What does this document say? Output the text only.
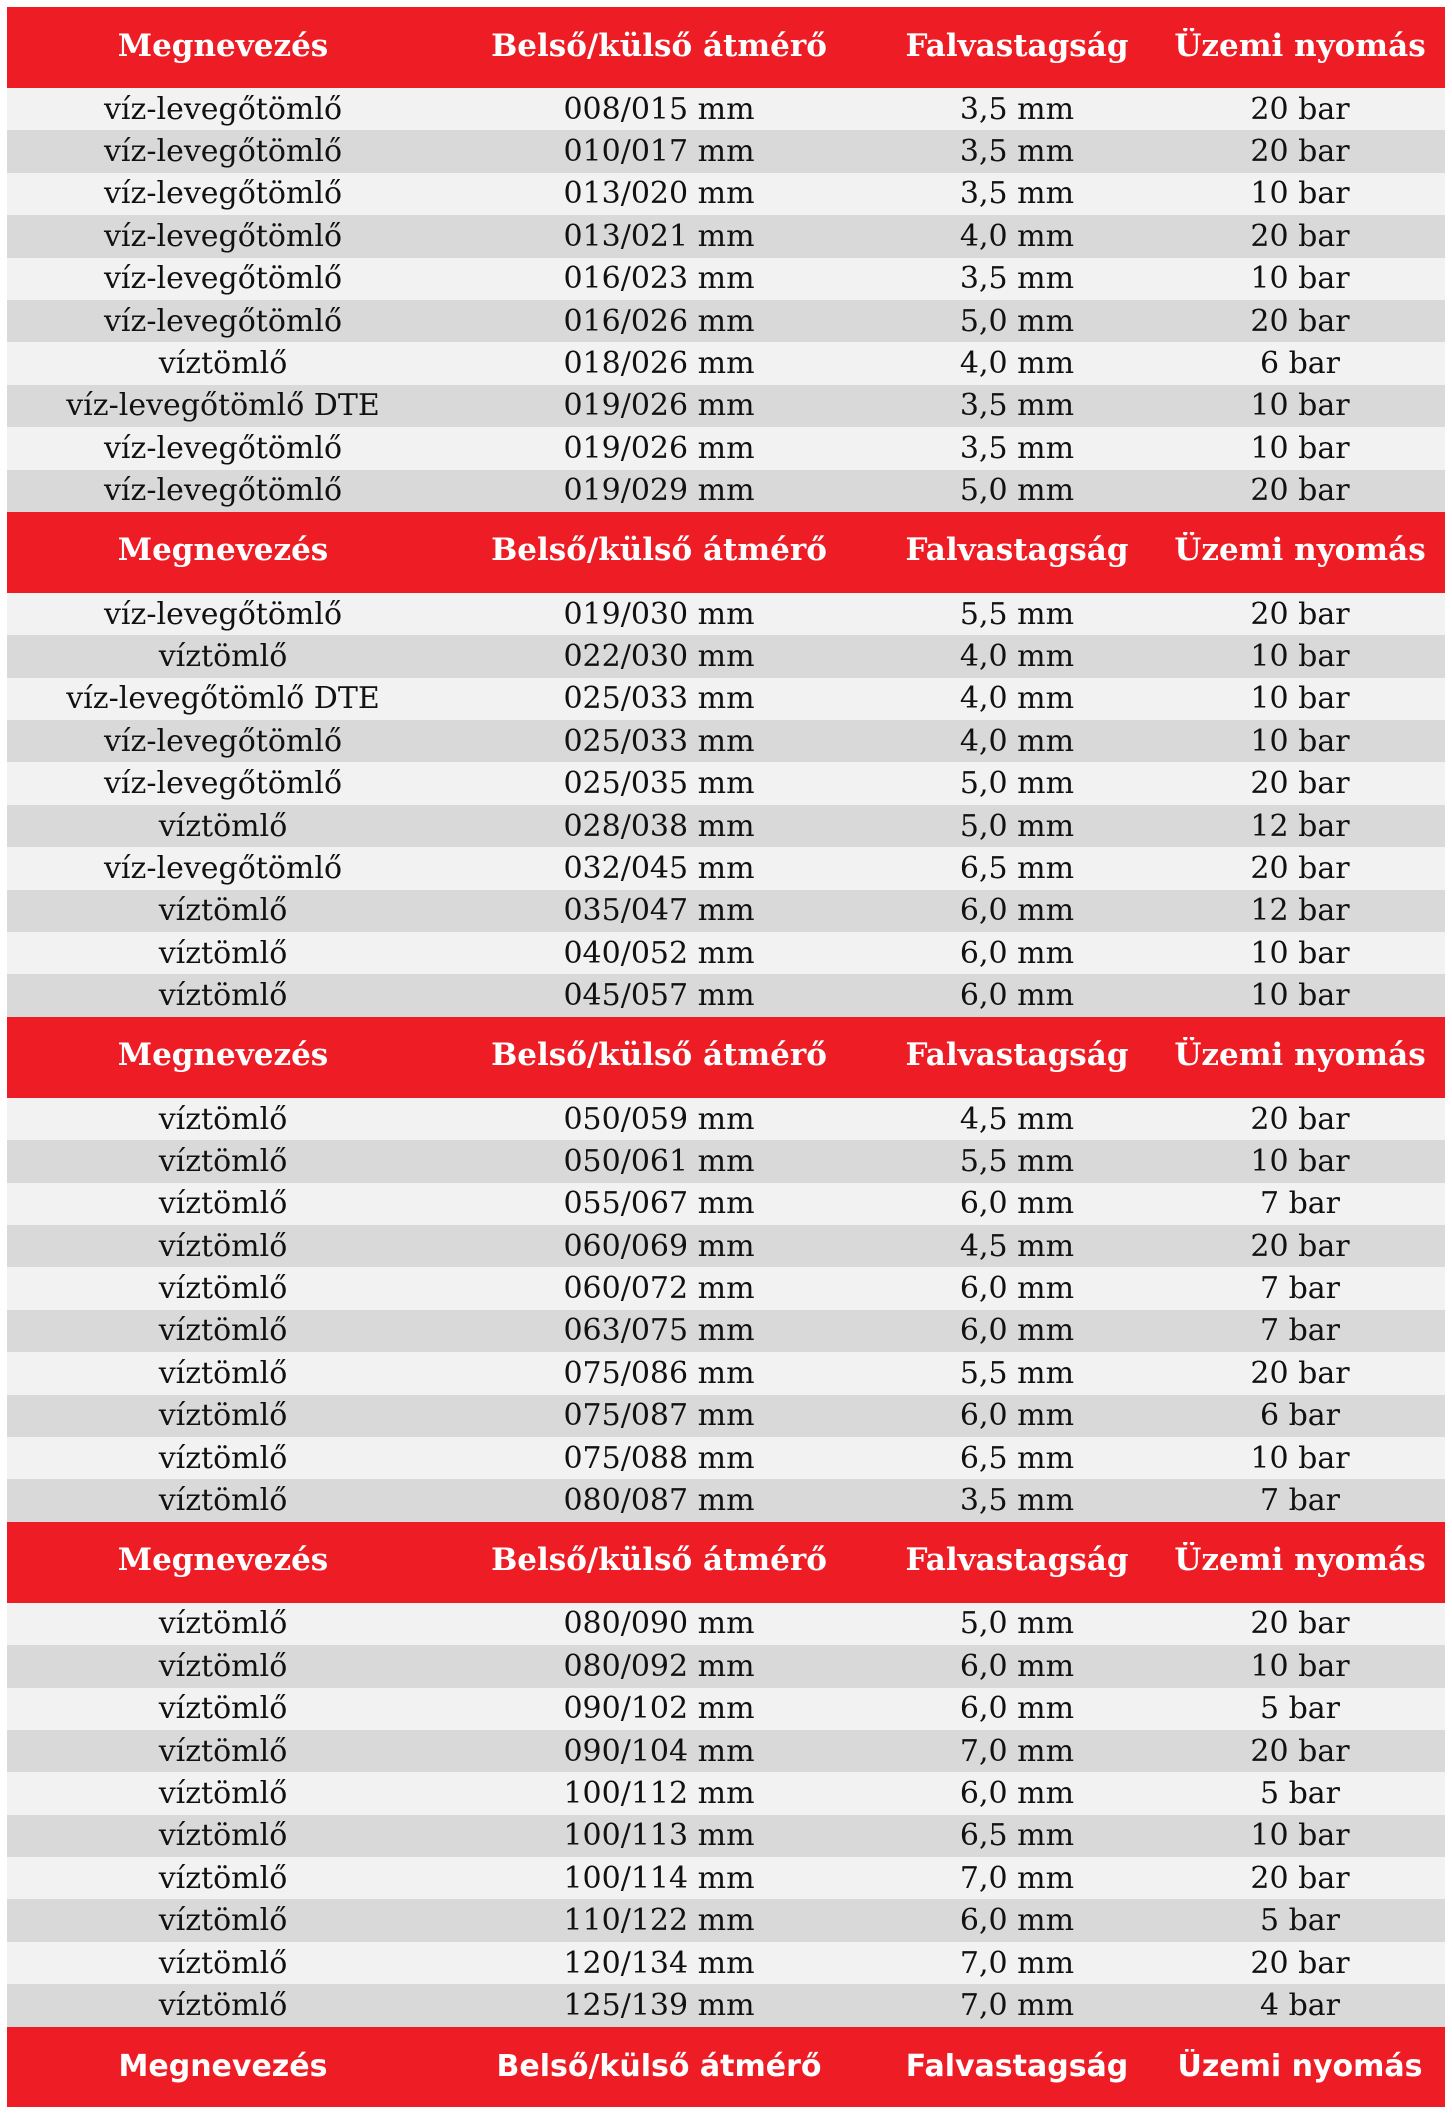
Megnevezés	Belső/külső átmérő	Falvastagság	Üzemi nyomás
víz-levegőtömlő	008/015 mm	3,5 mm	20 bar
víz-levegőtömlő	010/017 mm	3,5 mm	20 bar
víz-levegőtömlő	013/020 mm	3,5 mm	10 bar
víz-levegőtömlő	013/021 mm	4,0 mm	20 bar
víz-levegőtömlő	016/023 mm	3,5 mm	10 bar
víz-levegőtömlő	016/026 mm	5,0 mm	20 bar
víztömlő	018/026 mm	4,0 mm	6 bar
víz-levegőtömlő DTE	019/026 mm	3,5 mm	10 bar
víz-levegőtömlő	019/026 mm	3,5 mm	10 bar
víz-levegőtömlő	019/029 mm	5,0 mm	20 bar
Megnevezés	Belső/külső átmérő	Falvastagság	Üzemi nyomás
víz-levegőtömlő	019/030 mm	5,5 mm	20 bar
víztömlő	022/030 mm	4,0 mm	10 bar
víz-levegőtömlő DTE	025/033 mm	4,0 mm	10 bar
víz-levegőtömlő	025/033 mm	4,0 mm	10 bar
víz-levegőtömlő	025/035 mm	5,0 mm	20 bar
víztömlő	028/038 mm	5,0 mm	12 bar
víz-levegőtömlő	032/045 mm	6,5 mm	20 bar
víztömlő	035/047 mm	6,0 mm	12 bar
víztömlő	040/052 mm	6,0 mm	10 bar
víztömlő	045/057 mm	6,0 mm	10 bar
Megnevezés	Belső/külső átmérő	Falvastagság	Üzemi nyomás
víztömlő	050/059 mm	4,5 mm	20 bar
víztömlő	050/061 mm	5,5 mm	10 bar
víztömlő	055/067 mm	6,0 mm	7 bar
víztömlő	060/069 mm	4,5 mm	20 bar
víztömlő	060/072 mm	6,0 mm	7 bar
víztömlő	063/075 mm	6,0 mm	7 bar
víztömlő	075/086 mm	5,5 mm	20 bar
víztömlő	075/087 mm	6,0 mm	6 bar
víztömlő	075/088 mm	6,5 mm	10 bar
víztömlő	080/087 mm	3,5 mm	7 bar
Megnevezés	Belső/külső átmérő	Falvastagság	Üzemi nyomás
víztömlő	080/090 mm	5,0 mm	20 bar
víztömlő	080/092 mm	6,0 mm	10 bar
víztömlő	090/102 mm	6,0 mm	5 bar
víztömlő	090/104 mm	7,0 mm	20 bar
víztömlő	100/112 mm	6,0 mm	5 bar
víztömlő	100/113 mm	6,5 mm	10 bar
víztömlő	100/114 mm	7,0 mm	20 bar
víztömlő	110/122 mm	6,0 mm	5 bar
víztömlő	120/134 mm	7,0 mm	20 bar
víztömlő	125/139 mm	7,0 mm	4 bar
Megnevezés	Belső/külső átmérő	Falvastagság	Üzemi nyomás
